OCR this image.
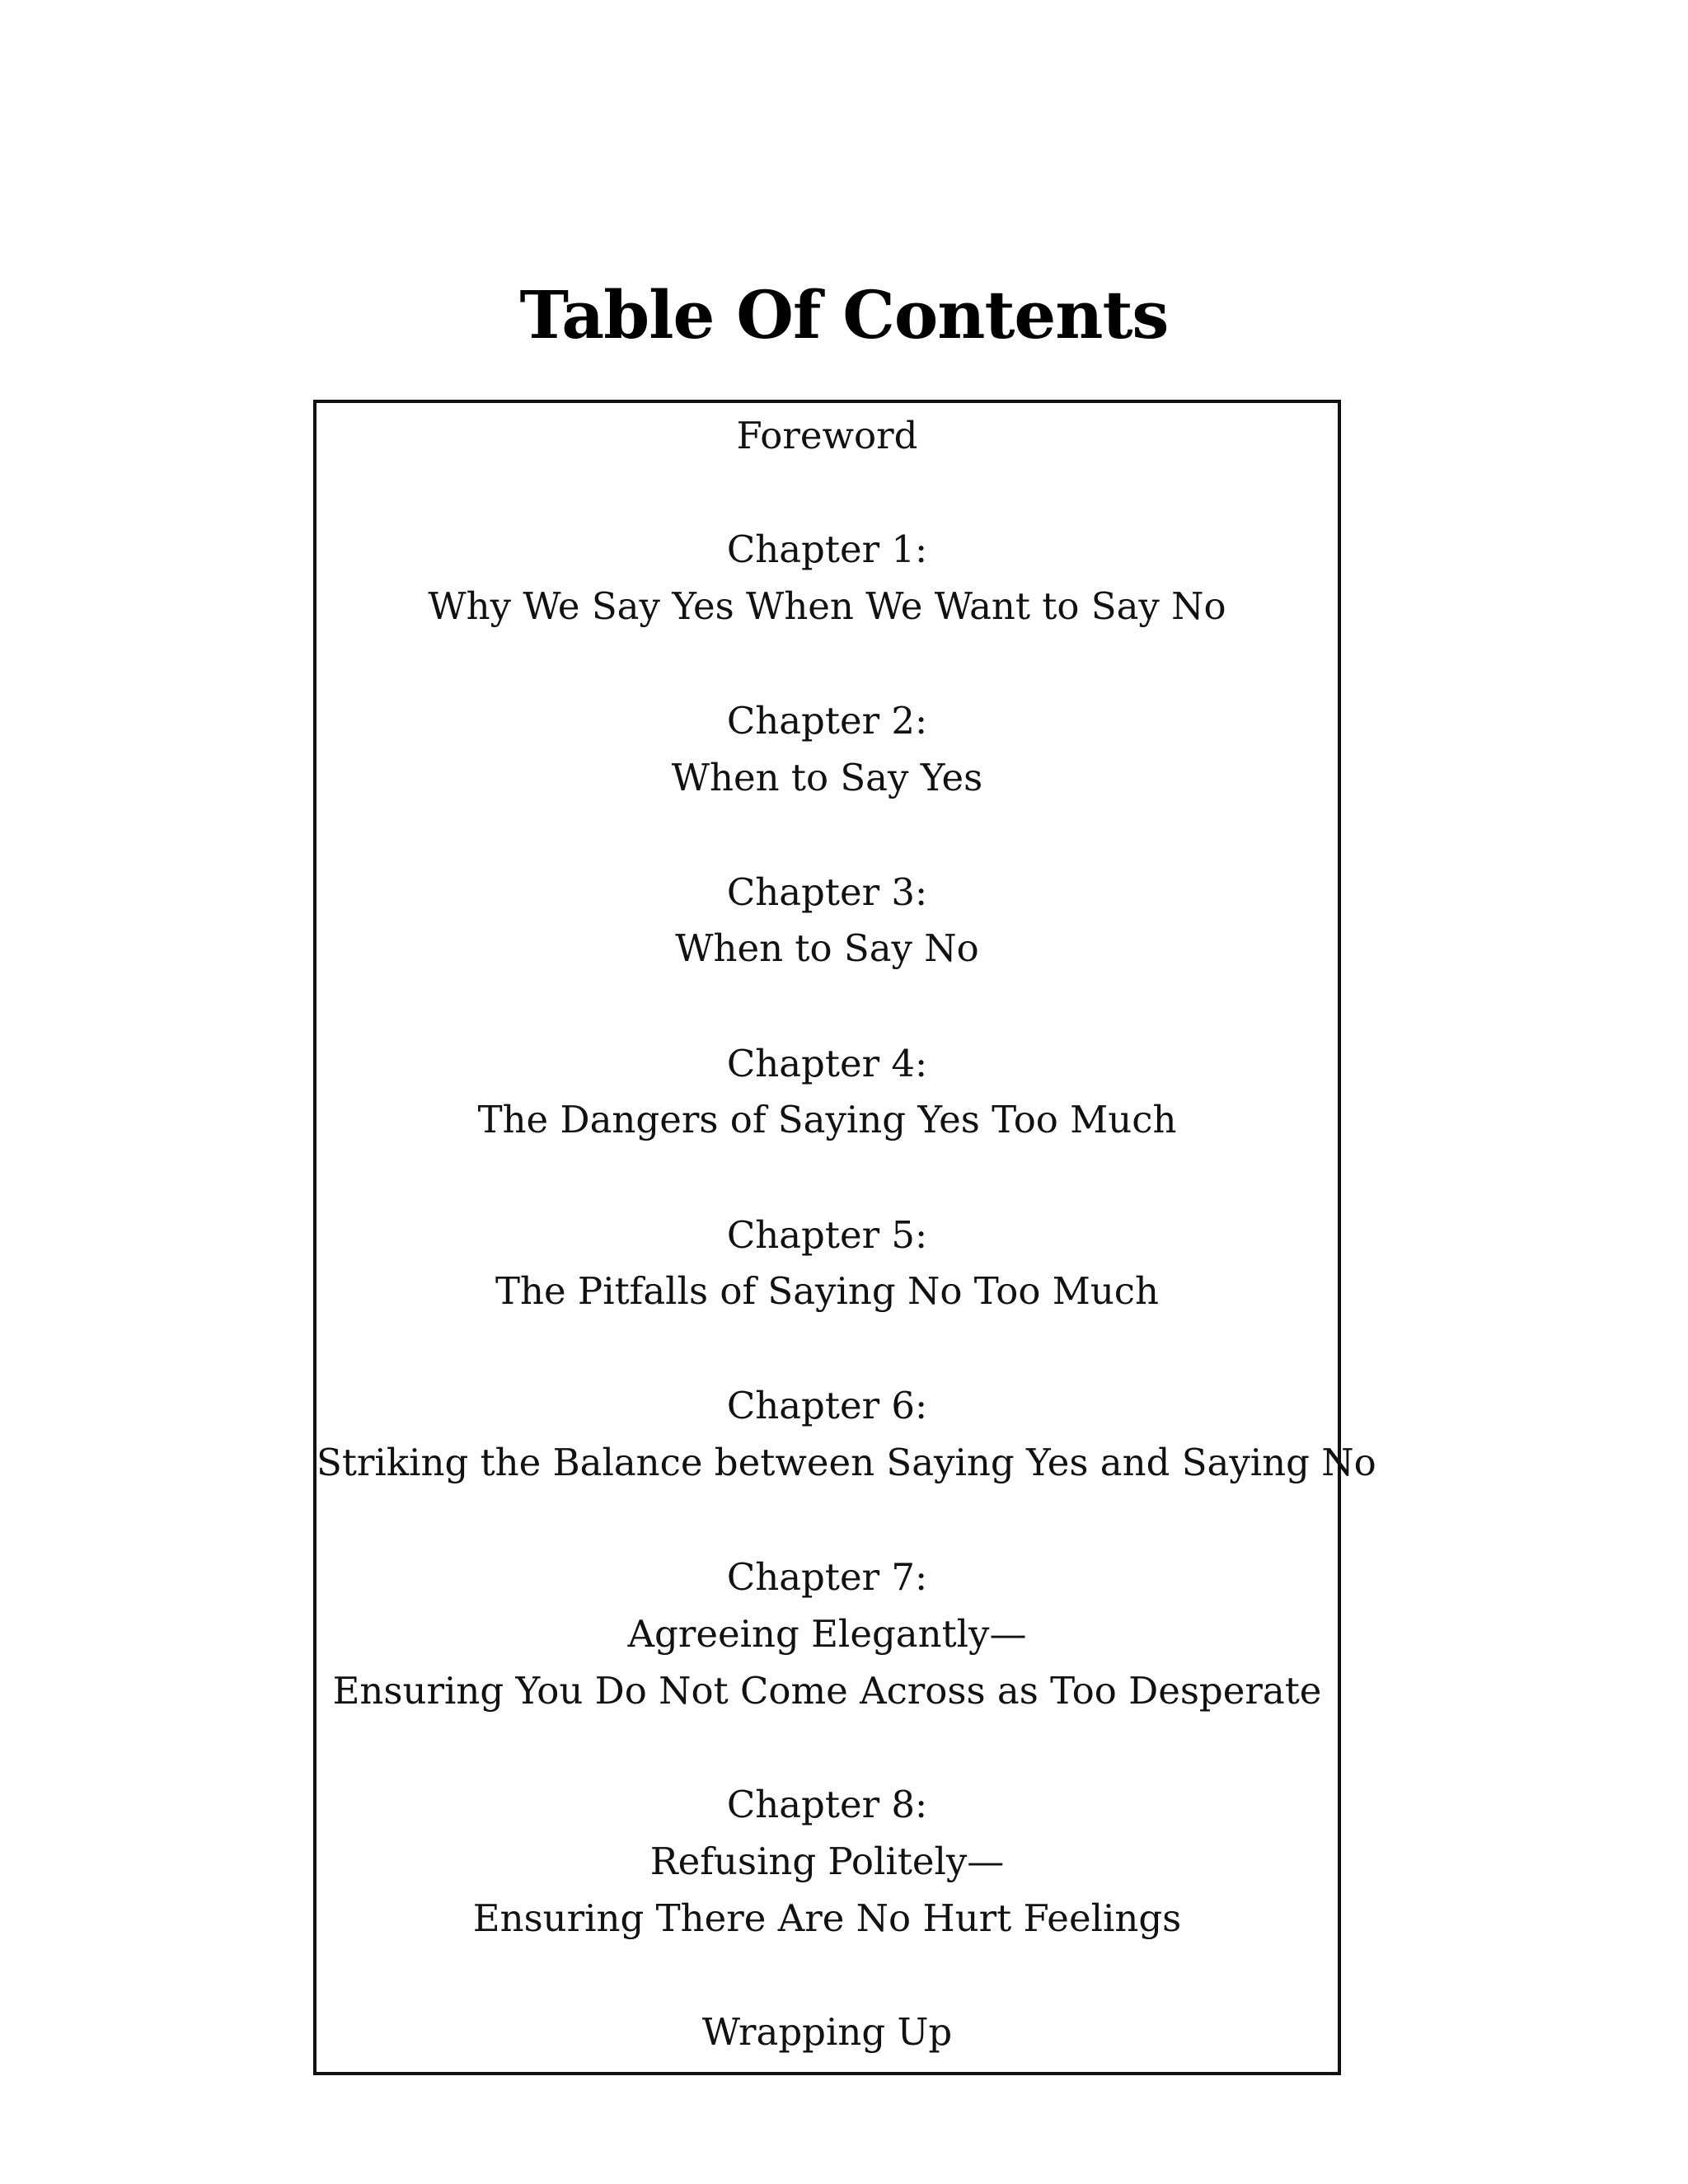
Table Of Contents
Foreword
Chapter 1:
Why We Say Yes When We Want to Say No
Chapter 2:
When to Say Yes
Chapter 3:
When to Say No
Chapter 4:
The Dangers of Saying Yes Too Much
Chapter 5:
The Pitfalls of Saying No Too Much
Chapter 6:
Striking the Balance between Saying Yes and Saying No
Chapter 7:
Agreeing Elegantly—
Ensuring You Do Not Come Across as Too Desperate
Chapter 8:
Refusing Politely—
Ensuring There Are No Hurt Feelings
Wrapping Up
